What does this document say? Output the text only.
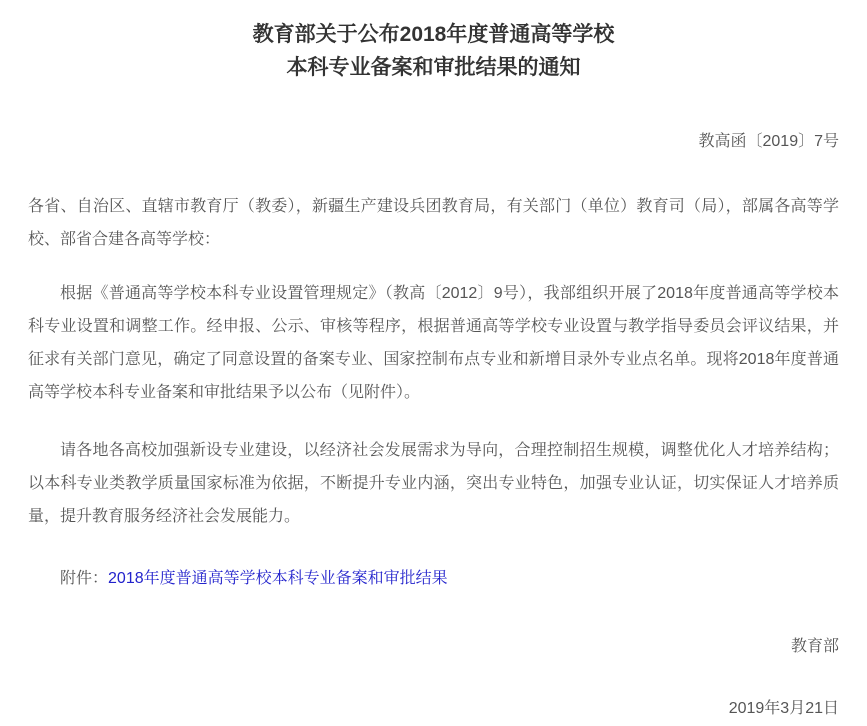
教育部关于公布2018年度普通高等学校
本科专业备案和审批结果的通知
教高函〔2019〕7号

各省、自治区、直辖市教育厅（教委），新疆生产建设兵团教育局，有关部门（单位）教育司（局），部属各高等学校、部省合建各高等学校：

根据《普通高等学校本科专业设置管理规定》（教高〔2012〕9号），我部组织开展了2018年度普通高等学校本科专业设置和调整工作。经申报、公示、审核等程序，根据普通高等学校专业设置与教学指导委员会评议结果，并征求有关部门意见，确定了同意设置的备案专业、国家控制布点专业和新增目录外专业点名单。现将2018年度普通高等学校本科专业备案和审批结果予以公布（见附件）。

请各地各高校加强新设专业建设，以经济社会发展需求为导向，合理控制招生规模，调整优化人才培养结构；以本科专业类教学质量国家标准为依据，不断提升专业内涵，突出专业特色，加强专业认证，切实保证人才培养质量，提升教育服务经济社会发展能力。

附件：2018年度普通高等学校本科专业备案和审批结果

教育部

2019年3月21日
